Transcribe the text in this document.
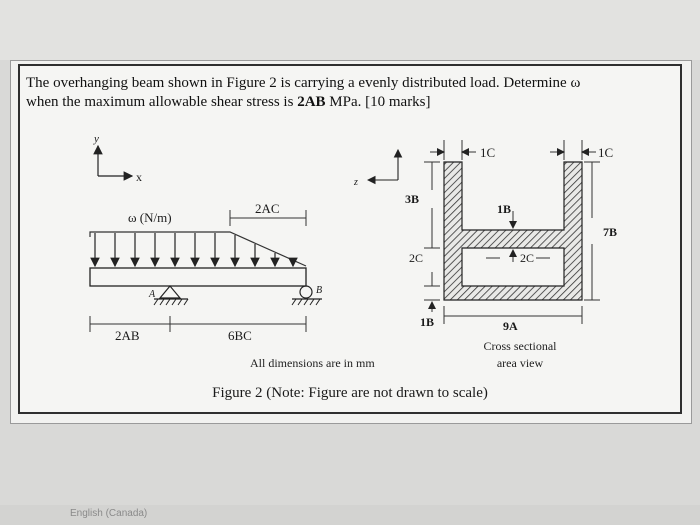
The overhanging beam shown in Figure 2 is carrying a evenly distributed load. Determine ω
when the maximum allowable shear stress is 2AB MPa. [10 marks]
y
x
ω (N/m)
2AC
A	B
2AB	6BC
z
1C	1C
3B
1B
7B
2C	2C
1B	9A
Cross sectional
area view
All dimensions are in mm
Figure 2 (Note: Figure are not drawn to scale)
English (Canada)
